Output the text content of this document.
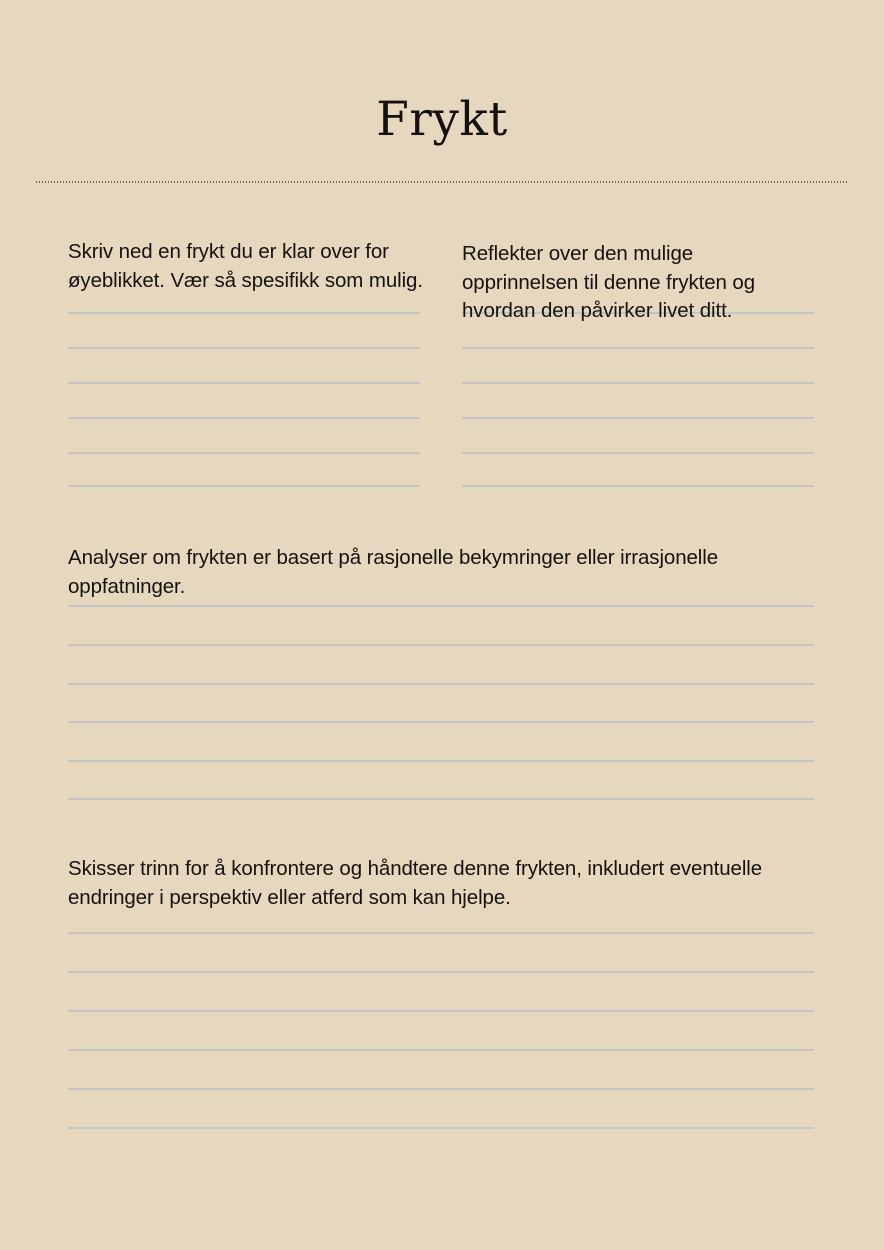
Frykt
Skriv ned en frykt du er klar over for øyeblikket. Vær så spesifikk som mulig.
Reflekter over den mulige opprinnelsen til denne frykten og hvordan den påvirker livet ditt.
Analyser om frykten er basert på rasjonelle bekymringer eller irrasjonelle oppfatninger.
Skisser trinn for å konfrontere og håndtere denne frykten, inkludert eventuelle endringer i perspektiv eller atferd som kan hjelpe.
